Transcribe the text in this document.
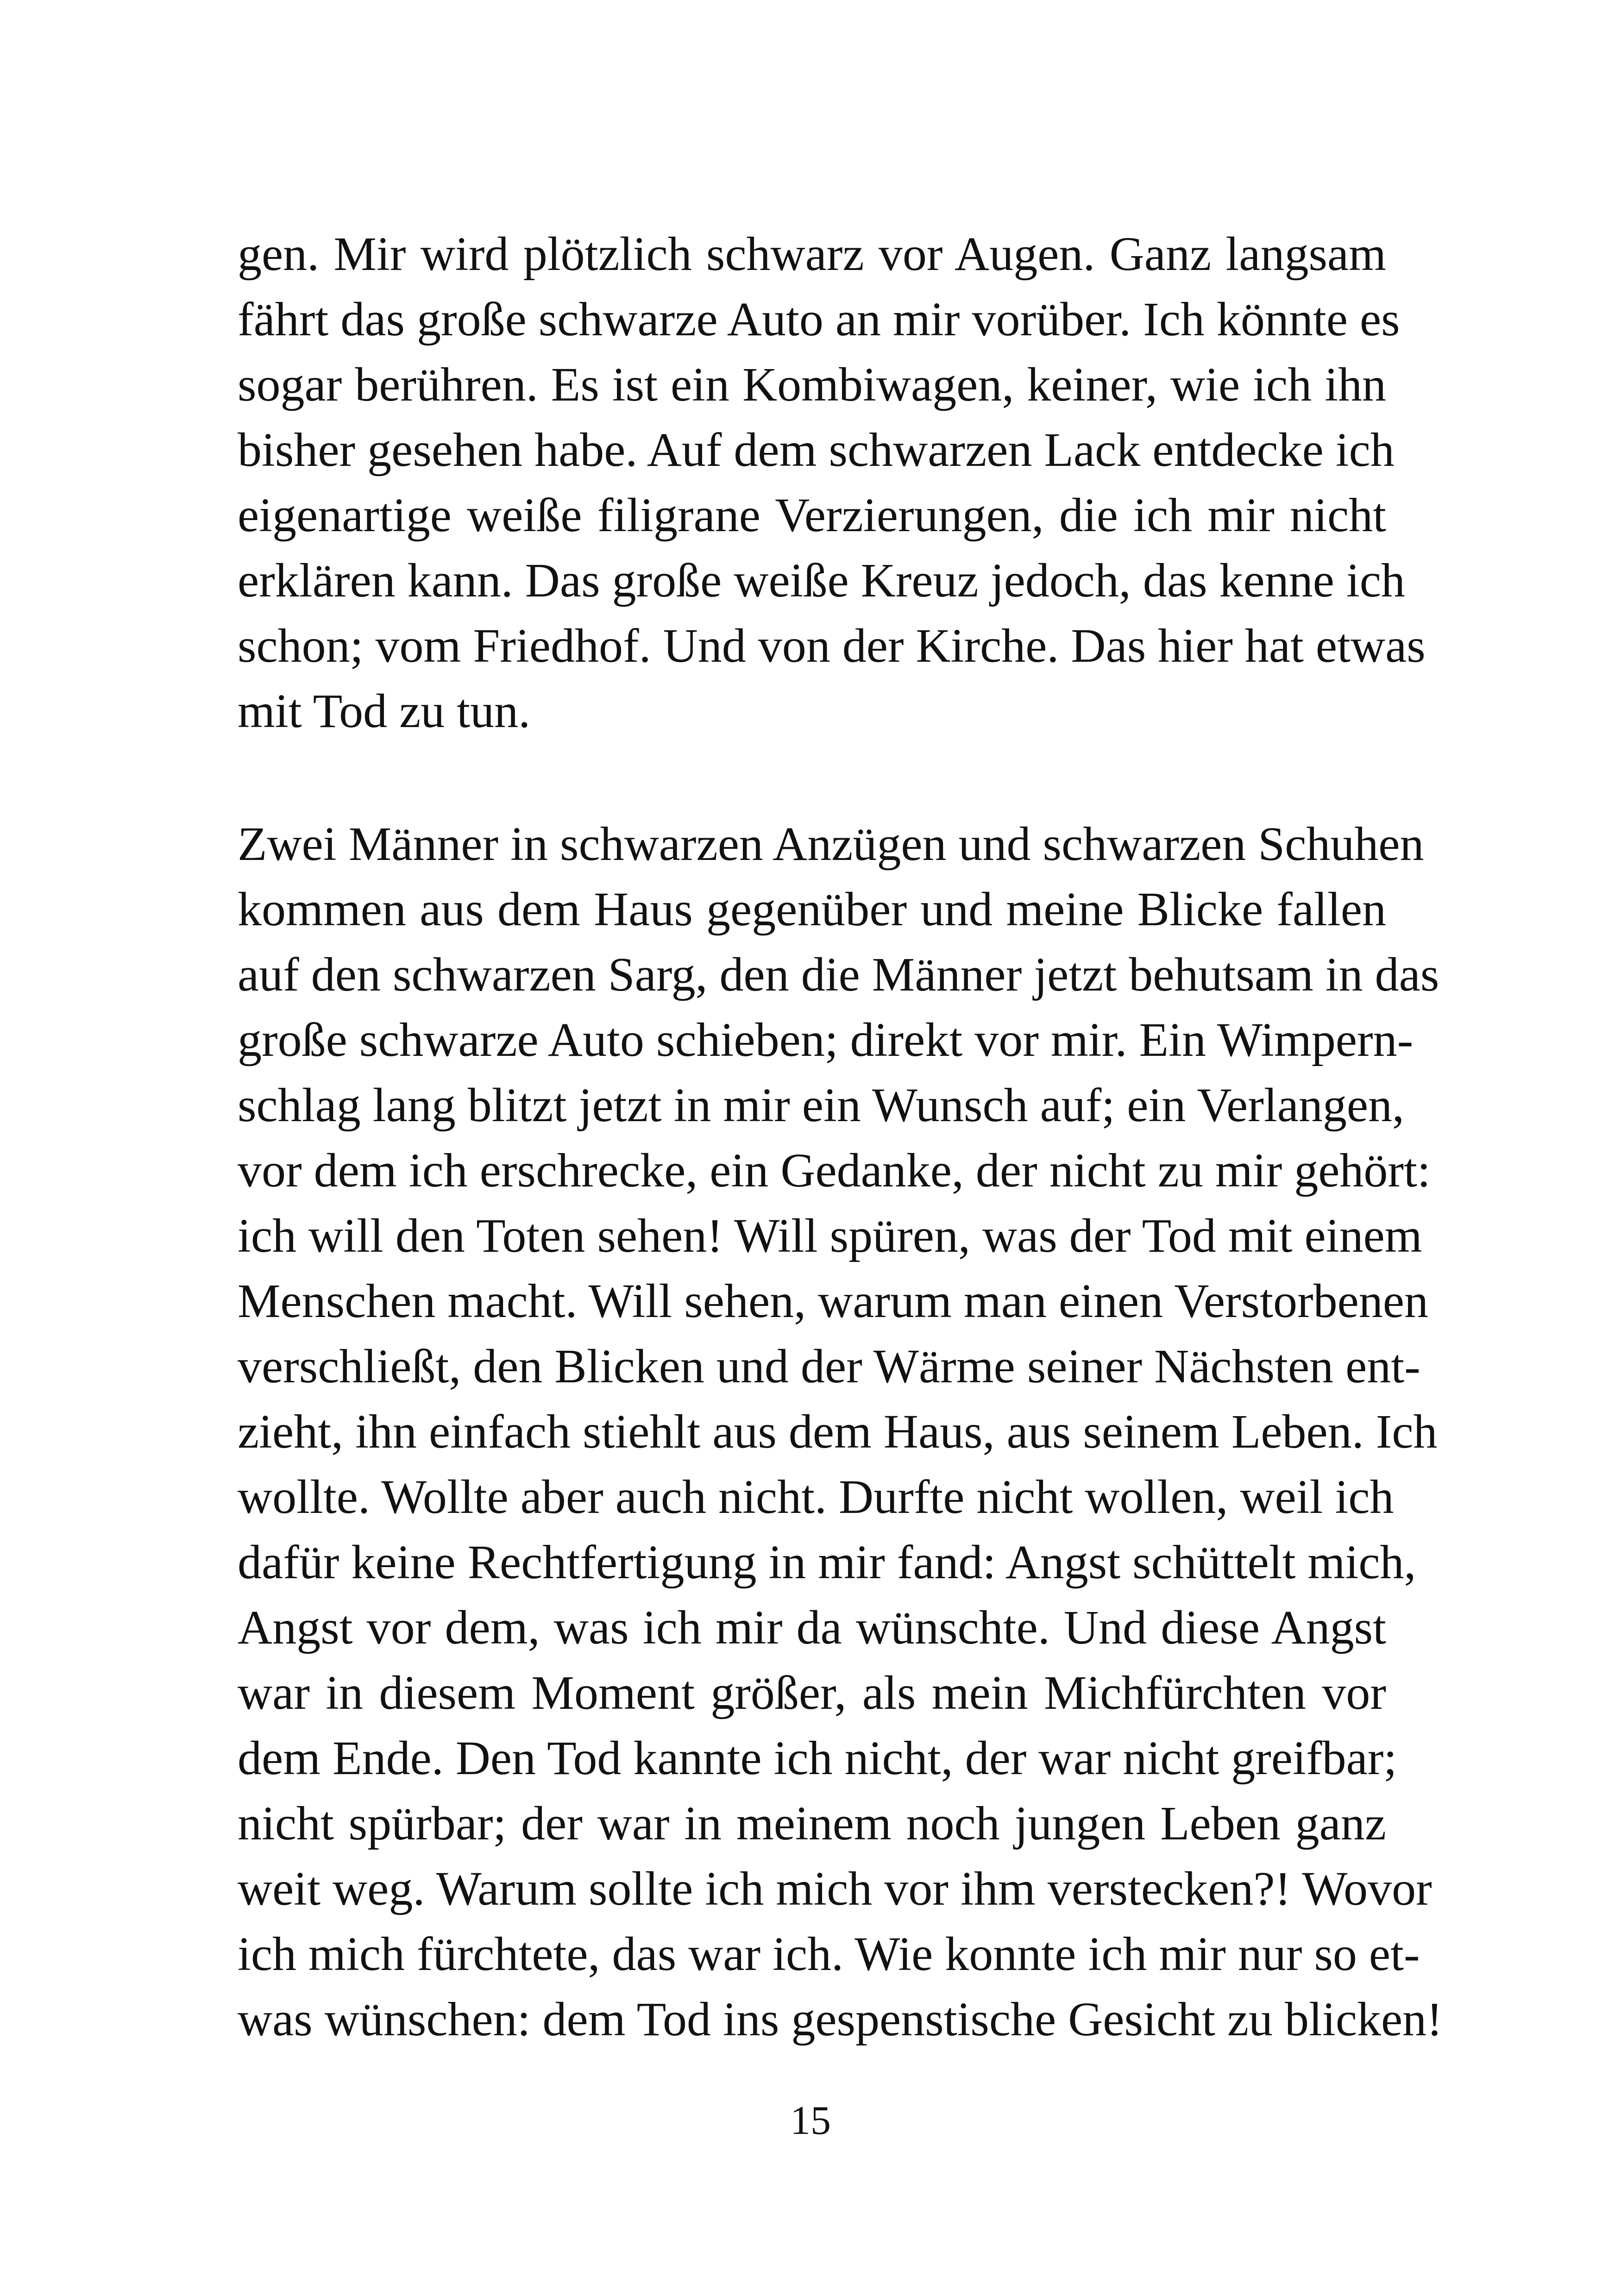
gen. Mir wird plötzlich schwarz vor Augen. Ganz langsam
fährt das große schwarze Auto an mir vorüber. Ich könnte es
sogar berühren. Es ist ein Kombiwagen, keiner, wie ich ihn
bisher gesehen habe. Auf dem schwarzen Lack entdecke ich
eigenartige weiße filigrane Verzierungen, die ich mir nicht
erklären kann. Das große weiße Kreuz jedoch, das kenne ich
schon; vom Friedhof. Und von der Kirche. Das hier hat etwas
mit Tod zu tun.
Zwei Männer in schwarzen Anzügen und schwarzen Schuhen
kommen aus dem Haus gegenüber und meine Blicke fallen
auf den schwarzen Sarg, den die Männer jetzt behutsam in das
große schwarze Auto schieben; direkt vor mir. Ein Wimpern-
schlag lang blitzt jetzt in mir ein Wunsch auf; ein Verlangen,
vor dem ich erschrecke, ein Gedanke, der nicht zu mir gehört:
ich will den Toten sehen! Will spüren, was der Tod mit einem
Menschen macht. Will sehen, warum man einen Verstorbenen
verschließt, den Blicken und der Wärme seiner Nächsten ent-
zieht, ihn einfach stiehlt aus dem Haus, aus seinem Leben. Ich
wollte. Wollte aber auch nicht. Durfte nicht wollen, weil ich
dafür keine Rechtfertigung in mir fand: Angst schüttelt mich,
Angst vor dem, was ich mir da wünschte. Und diese Angst
war in diesem Moment größer, als mein Michfürchten vor
dem Ende. Den Tod kannte ich nicht, der war nicht greifbar;
nicht spürbar; der war in meinem noch jungen Leben ganz
weit weg. Warum sollte ich mich vor ihm verstecken?! Wovor
ich mich fürchtete, das war ich. Wie konnte ich mir nur so et-
was wünschen: dem Tod ins gespenstische Gesicht zu blicken!
15
